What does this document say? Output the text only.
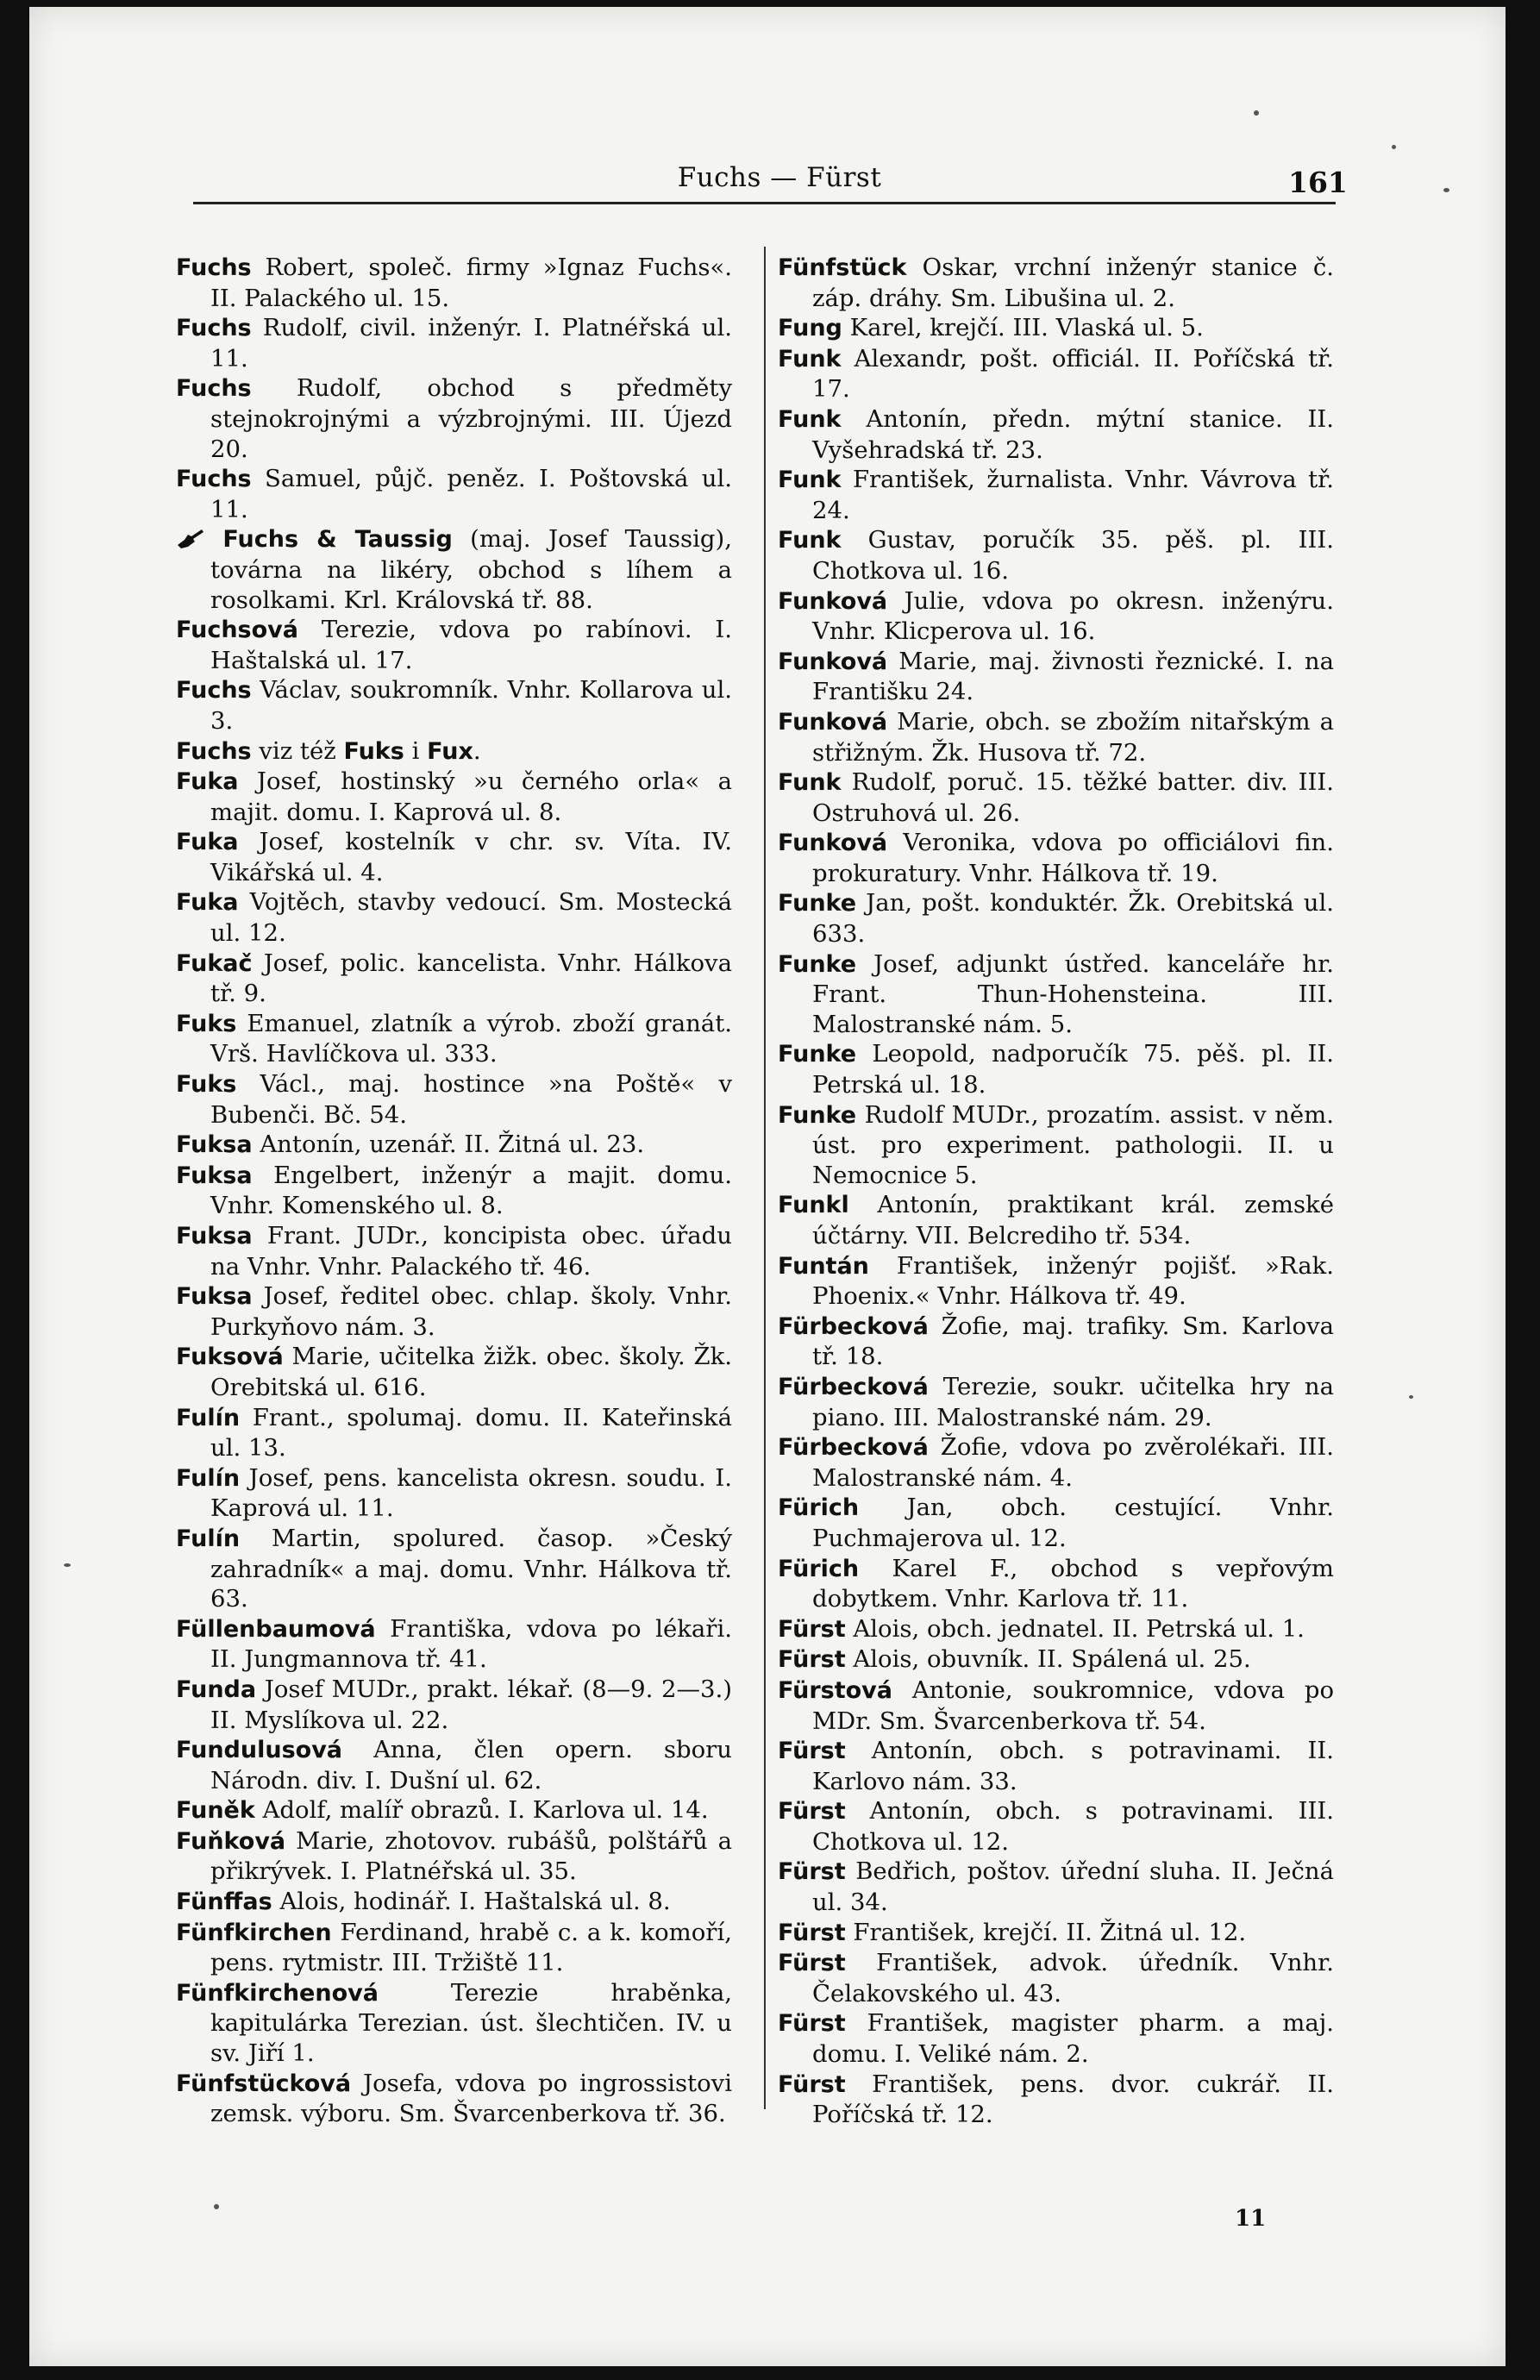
Fuchs — Fürst	161

Fuchs Robert, společ. firmy »Ignaz Fuchs«. II. Palackého ul. 15.

Fuchs Rudolf, civil. inženýr. I. Platnéřská ul. 11.

Fuchs Rudolf, obchod s předměty stejnokrojnými a výzbrojnými. III. Újezd 20.

Fuchs Samuel, půjč. peněz. I. Poštovská ul. 11.

Fuchs & Taussig (maj. Josef Taussig), továrna na likéry, obchod s líhem a rosolkami. Krl. Královská tř. 88.

Fuchsová Terezie, vdova po rabínovi. I. Haštalská ul. 17.

Fuchs Václav, soukromník. Vnhr. Kollarova ul. 3.

Fuchs viz též Fuks i Fux.

Fuka Josef, hostinský »u černého orla« a majit. domu. I. Kaprová ul. 8.

Fuka Josef, kostelník v chr. sv. Víta. IV. Vikářská ul. 4.

Fuka Vojtěch, stavby vedoucí. Sm. Mostecká ul. 12.

Fukač Josef, polic. kancelista. Vnhr. Hálkova tř. 9.

Fuks Emanuel, zlatník a výrob. zboží granát. Vrš. Havlíčkova ul. 333.

Fuks Václ., maj. hostince »na Poště« v Bubenči. Bč. 54.

Fuksa Antonín, uzenář. II. Žitná ul. 23.

Fuksa Engelbert, inženýr a majit. domu. Vnhr. Komenského ul. 8.

Fuksa Frant. JUDr., koncipista obec. úřadu na Vnhr. Vnhr. Palackého tř. 46.

Fuksa Josef, ředitel obec. chlap. školy. Vnhr. Purkyňovo nám. 3.

Fuksová Marie, učitelka žižk. obec. školy. Žk. Orebitská ul. 616.

Fulín Frant., spolumaj. domu. II. Kateřinská ul. 13.

Fulín Josef, pens. kancelista okresn. soudu. I. Kaprová ul. 11.

Fulín Martin, spolured. časop. »Český zahradník« a maj. domu. Vnhr. Hálkova tř. 63.

Füllenbaumová Františka, vdova po lékaři. II. Jungmannova tř. 41.

Funda Josef MUDr., prakt. lékař. (8—9. 2—3.) II. Myslíkova ul. 22.

Fundulusová Anna, člen opern. sboru Národn. div. I. Dušní ul. 62.

Funěk Adolf, malíř obrazů. I. Karlova ul. 14.

Fuňková Marie, zhotovov. rubášů, polštářů a přikrývek. I. Platnéřská ul. 35.

Fünffas Alois, hodinář. I. Haštalská ul. 8.

Fünfkirchen Ferdinand, hrabě c. a k. komoří, pens. rytmistr. III. Tržiště 11.

Fünfkirchenová Terezie hraběnka, kapitulárka Terezian. úst. šlechtičen. IV. u sv. Jiří 1.

Fünfstücková Josefa, vdova po ingrossistovi zemsk. výboru. Sm. Švarcenberkova tř. 36.

Fünfstück Oskar, vrchní inženýr stanice č. záp. dráhy. Sm. Libušina ul. 2.

Fung Karel, krejčí. III. Vlaská ul. 5.

Funk Alexandr, pošt. officiál. II. Poříčská tř. 17.

Funk Antonín, předn. mýtní stanice. II. Vyšehradská tř. 23.

Funk František, žurnalista. Vnhr. Vávrova tř. 24.

Funk Gustav, poručík 35. pěš. pl. III. Chotkova ul. 16.

Funková Julie, vdova po okresn. inženýru. Vnhr. Klicperova ul. 16.

Funková Marie, maj. živnosti řeznické. I. na Františku 24.

Funková Marie, obch. se zbožím nitařským a střižným. Žk. Husova tř. 72.

Funk Rudolf, poruč. 15. těžké batter. div. III. Ostruhová ul. 26.

Funková Veronika, vdova po officiálovi fin. prokuratury. Vnhr. Hálkova tř. 19.

Funke Jan, pošt. konduktér. Žk. Orebitská ul. 633.

Funke Josef, adjunkt ústřed. kanceláře hr. Frant. Thun-Hohensteina. III. Malostranské nám. 5.

Funke Leopold, nadporučík 75. pěš. pl. II. Petrská ul. 18.

Funke Rudolf MUDr., prozatím. assist. v něm. úst. pro experiment. pathologii. II. u Nemocnice 5.

Funkl Antonín, praktikant král. zemské účtárny. VII. Belcrediho tř. 534.

Funtán František, inženýr pojišť. »Rak. Phoenix.« Vnhr. Hálkova tř. 49.

Fürbecková Žofie, maj. trafiky. Sm. Karlova tř. 18.

Fürbecková Terezie, soukr. učitelka hry na piano. III. Malostranské nám. 29.

Fürbecková Žofie, vdova po zvěrolékaři. III. Malostranské nám. 4.

Fürich Jan, obch. cestující. Vnhr. Puchmajerova ul. 12.

Fürich Karel F., obchod s vepřovým dobytkem. Vnhr. Karlova tř. 11.

Fürst Alois, obch. jednatel. II. Petrská ul. 1.

Fürst Alois, obuvník. II. Spálená ul. 25.

Fürstová Antonie, soukromnice, vdova po MDr. Sm. Švarcenberkova tř. 54.

Fürst Antonín, obch. s potravinami. II. Karlovo nám. 33.

Fürst Antonín, obch. s potravinami. III. Chotkova ul. 12.

Fürst Bedřich, poštov. úřední sluha. II. Ječná ul. 34.

Fürst František, krejčí. II. Žitná ul. 12.

Fürst František, advok. úředník. Vnhr. Čelakovského ul. 43.

Fürst František, magister pharm. a maj. domu. I. Veliké nám. 2.

Fürst František, pens. dvor. cukrář. II. Poříčská tř. 12.

11
